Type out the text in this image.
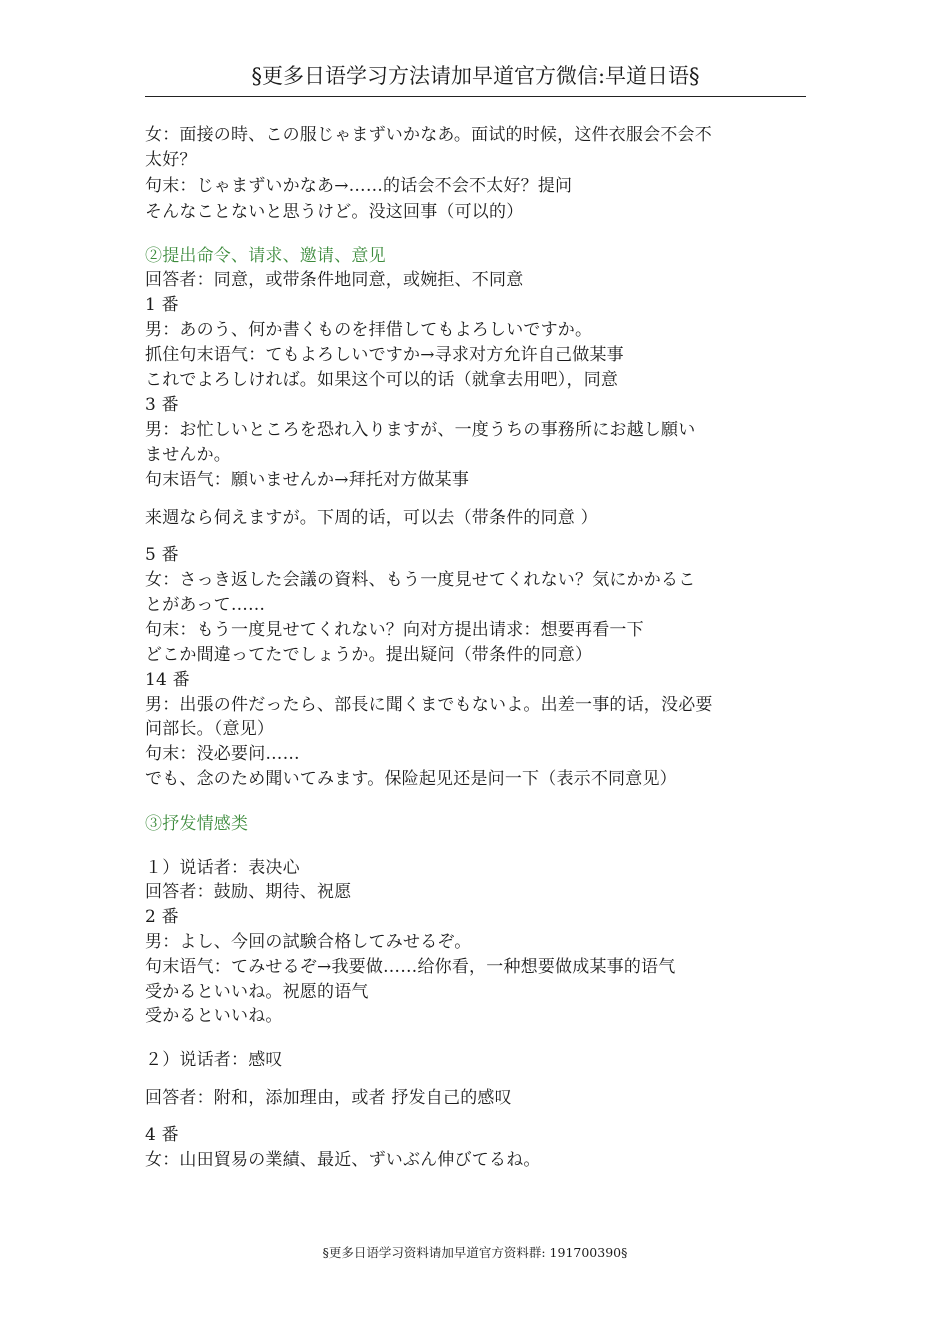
§更多日语学习方法请加早道官方微信:早道日语§
女：面接の時、この服じゃまずいかなあ。面试的时候，这件衣服会不会不
太好？
句末：じゃまずいかなあ→……的话会不会不太好？提问
そんなことないと思うけど。没这回事（可以的）
②提出命令、请求、邀请、意见
回答者：同意，或带条件地同意，或婉拒、不同意
1 番
男：あのう、何か書くものを拝借してもよろしいですか。
抓住句末语气：てもよろしいですか→寻求对方允许自己做某事
これでよろしければ。如果这个可以的话（就拿去用吧），同意
3 番
男：お忙しいところを恐れ入りますが、一度うちの事務所にお越し願い
ませんか。
句末语气：願いませんか→拜托对方做某事
来週なら伺えますが。下周的话，可以去（带条件的同意 ）
5 番
女：さっき返した会議の資料、もう一度見せてくれない？気にかかるこ
とがあって……
句末：もう一度見せてくれない？向对方提出请求：想要再看一下
どこか間違ってたでしょうか。提出疑问（带条件的同意）
14 番
男：出張の件だったら、部長に聞くまでもないよ。出差一事的话，没必要
问部长。（意见）
句末：没必要问……
でも、念のため聞いてみます。保险起见还是问一下（表示不同意见）
③抒发情感类
１）说话者：表决心
回答者：鼓励、期待、祝愿
2 番
男：よし、今回の試験合格してみせるぞ。
句末语气：てみせるぞ→我要做……给你看，一种想要做成某事的语气
受かるといいね。祝愿的语气
受かるといいね。
２）说话者：感叹
回答者：附和，添加理由，或者 抒发自己的感叹
4 番
女：山田貿易の業績、最近、ずいぶん伸びてるね。
§更多日语学习资料请加早道官方资料群: 191700390§
